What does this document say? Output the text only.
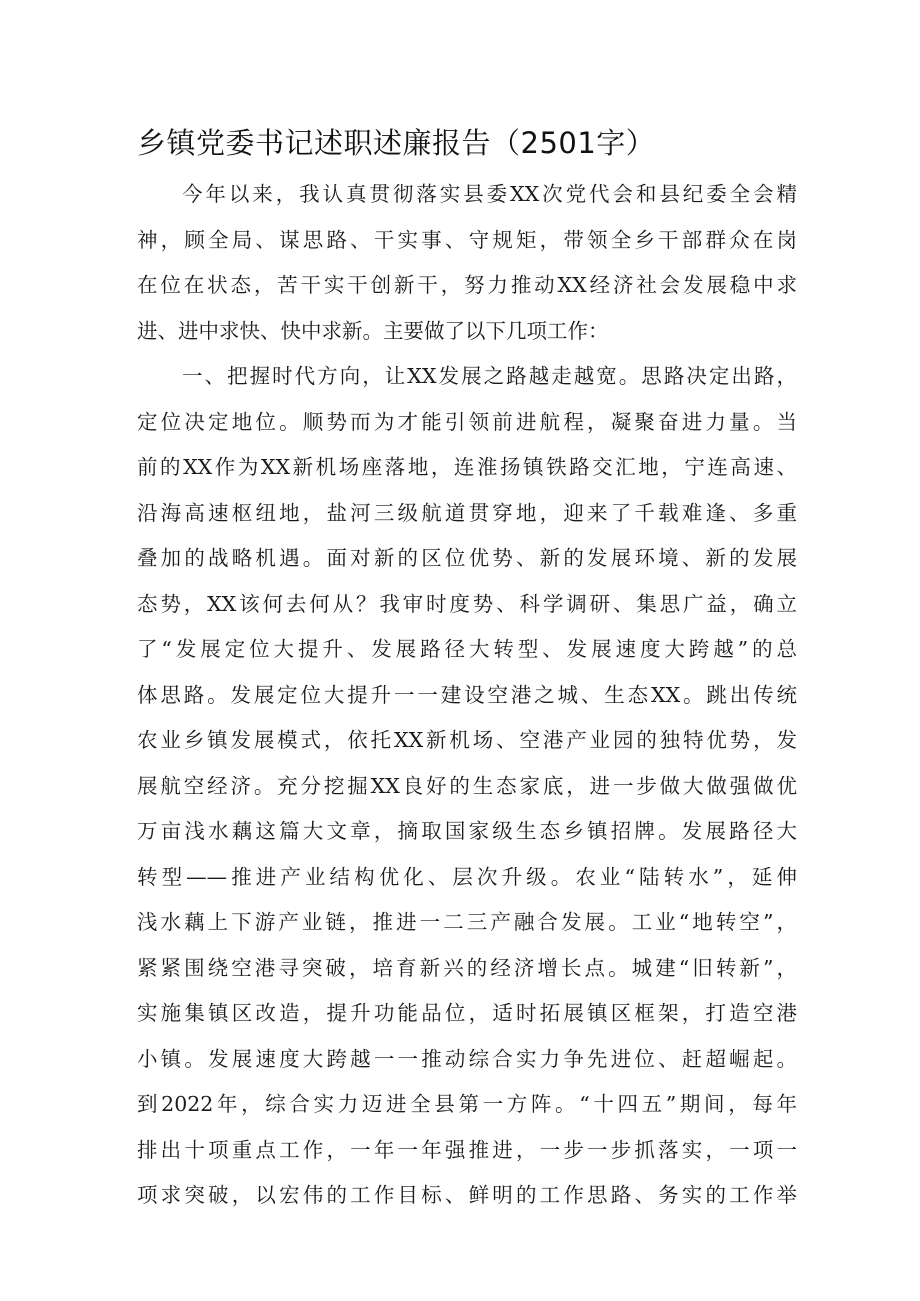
乡镇党委书记述职述廉报告（2501字）
今年以来，我认真贯彻落实县委XX次党代会和县纪委全会精
神，顾全局、谋思路、干实事、守规矩，带领全乡干部群众在岗
在位在状态，苦干实干创新干，努力推动XX经济社会发展稳中求
进、进中求快、快中求新。主要做了以下几项工作：
一、把握时代方向，让XX发展之路越走越宽。思路决定出路，
定位决定地位。顺势而为才能引领前进航程，凝聚奋进力量。当
前的XX作为XX新机场座落地，连淮扬镇铁路交汇地，宁连高速、
沿海高速枢纽地，盐河三级航道贯穿地，迎来了千载难逢、多重
叠加的战略机遇。面对新的区位优势、新的发展环境、新的发展
态势，XX该何去何从？我审时度势、科学调研、集思广益，确立
了“发展定位大提升、发展路径大转型、发展速度大跨越”的总
体思路。发展定位大提升一一建设空港之城、生态XX。跳出传统
农业乡镇发展模式，依托XX新机场、空港产业园的独特优势，发
展航空经济。充分挖掘XX良好的生态家底，进一步做大做强做优
万亩浅水藕这篇大文章，摘取国家级生态乡镇招牌。发展路径大
转型——推进产业结构优化、层次升级。农业“陆转水”，延伸
浅水藕上下游产业链，推进一二三产融合发展。工业“地转空”，
紧紧围绕空港寻突破，培育新兴的经济增长点。城建“旧转新”，
实施集镇区改造，提升功能品位，适时拓展镇区框架，打造空港
小镇。发展速度大跨越一一推动综合实力争先进位、赶超崛起。
到2022年，综合实力迈进全县第一方阵。“十四五”期间，每年
排出十项重点工作，一年一年强推进，一步一步抓落实，一项一
项求突破，以宏伟的工作目标、鲜明的工作思路、务实的工作举
